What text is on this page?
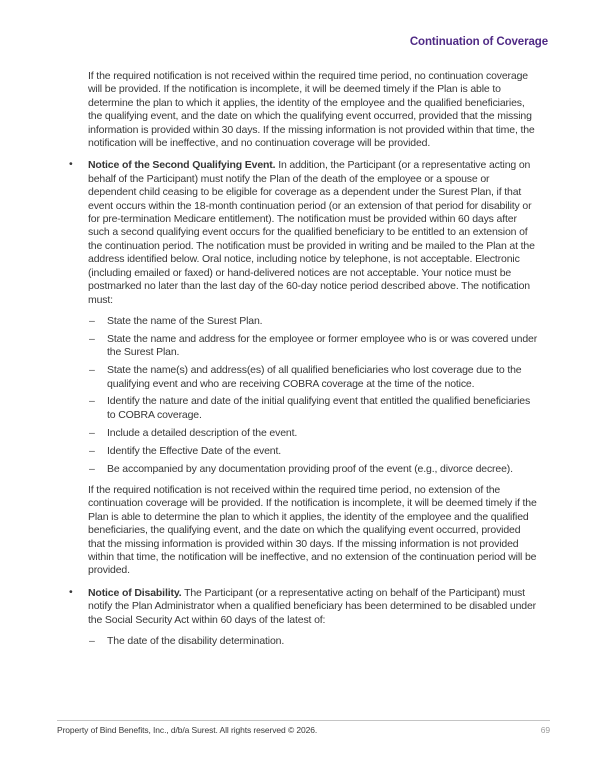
Continuation of Coverage

If the required notification is not received within the required time period, no continuation coverage will be provided. If the notification is incomplete, it will be deemed timely if the Plan is able to determine the plan to which it applies, the identity of the employee and the qualified beneficiaries, the qualifying event, and the date on which the qualifying event occurred, provided that the missing information is provided within 30 days. If the missing information is not provided within that time, the notification will be ineffective, and no continuation coverage will be provided.

• Notice of the Second Qualifying Event. In addition, the Participant (or a representative acting on behalf of the Participant) must notify the Plan of the death of the employee or a spouse or dependent child ceasing to be eligible for coverage as a dependent under the Surest Plan, if that event occurs within the 18-month continuation period (or an extension of that period for disability or for pre-termination Medicare entitlement). The notification must be provided within 60 days after such a second qualifying event occurs for the qualified beneficiary to be entitled to an extension of the continuation period. The notification must be provided in writing and be mailed to the Plan at the address identified below. Oral notice, including notice by telephone, is not acceptable. Electronic (including emailed or faxed) or hand-delivered notices are not acceptable. Your notice must be postmarked no later than the last day of the 60-day notice period described above. The notification must:

– State the name of the Surest Plan.

– State the name and address for the employee or former employee who is or was covered under the Surest Plan.

– State the name(s) and address(es) of all qualified beneficiaries who lost coverage due to the qualifying event and who are receiving COBRA coverage at the time of the notice.

– Identify the nature and date of the initial qualifying event that entitled the qualified beneficiaries to COBRA coverage.

– Include a detailed description of the event.

– Identify the Effective Date of the event.

– Be accompanied by any documentation providing proof of the event (e.g., divorce decree).

If the required notification is not received within the required time period, no extension of the continuation coverage will be provided. If the notification is incomplete, it will be deemed timely if the Plan is able to determine the plan to which it applies, the identity of the employee and the qualified beneficiaries, the qualifying event, and the date on which the qualifying event occurred, provided that the missing information is provided within 30 days. If the missing information is not provided within that time, the notification will be ineffective, and no extension of the continuation period will be provided.

• Notice of Disability. The Participant (or a representative acting on behalf of the Participant) must notify the Plan Administrator when a qualified beneficiary has been determined to be disabled under the Social Security Act within 60 days of the latest of:

– The date of the disability determination.

Property of Bind Benefits, Inc., d/b/a Surest. All rights reserved © 2026.	69
